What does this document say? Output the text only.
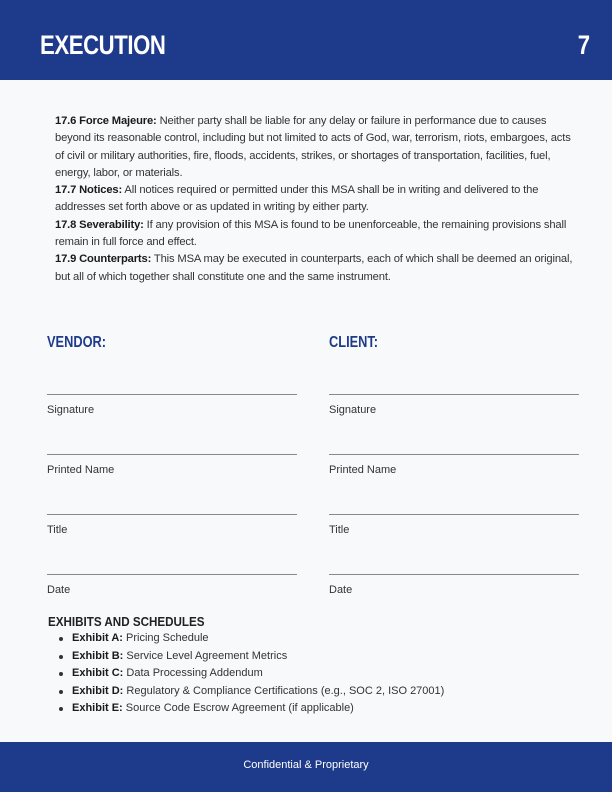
EXECUTION	7
17.6 Force Majeure: Neither party shall be liable for any delay or failure in performance due to causes beyond its reasonable control, including but not limited to acts of God, war, terrorism, riots, embargoes, acts of civil or military authorities, fire, floods, accidents, strikes, or shortages of transportation, facilities, fuel, energy, labor, or materials.
17.7 Notices: All notices required or permitted under this MSA shall be in writing and delivered to the addresses set forth above or as updated in writing by either party.
17.8 Severability: If any provision of this MSA is found to be unenforceable, the remaining provisions shall remain in full force and effect.
17.9 Counterparts: This MSA may be executed in counterparts, each of which shall be deemed an original, but all of which together shall constitute one and the same instrument.
VENDOR:
Signature
Printed Name
Title
Date
CLIENT:
Signature
Printed Name
Title
Date
EXHIBITS AND SCHEDULES
Exhibit A: Pricing Schedule
Exhibit B: Service Level Agreement Metrics
Exhibit C: Data Processing Addendum
Exhibit D: Regulatory & Compliance Certifications (e.g., SOC 2, ISO 27001)
Exhibit E: Source Code Escrow Agreement (if applicable)
Confidential & Proprietary
